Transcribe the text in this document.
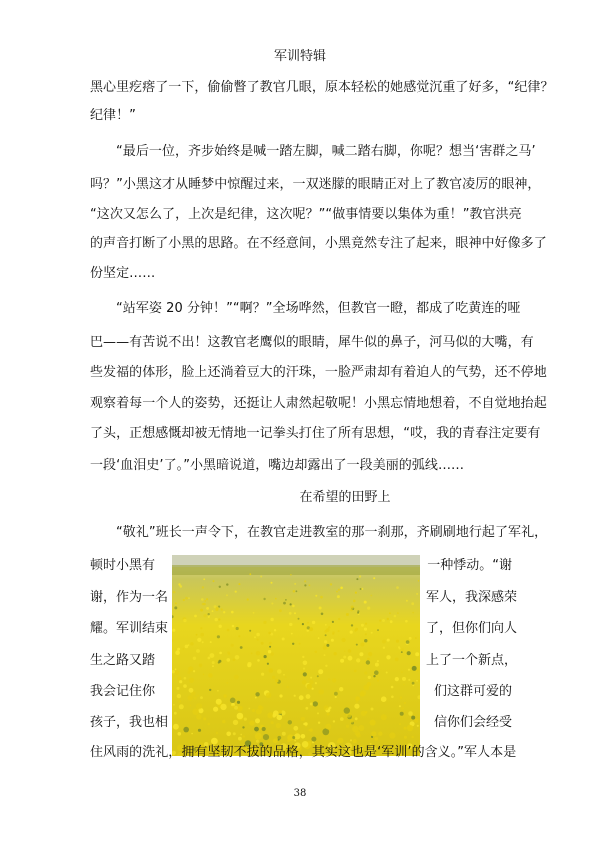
军训特辑
黑心里疙瘩了一下，偷偷瞥了教官几眼，原本轻松的她感觉沉重了好多，“纪律？
纪律！”
“最后一位，齐步始终是喊一踏左脚，喊二踏右脚，你呢？想当‘害群之马’
吗？”小黑这才从睡梦中惊醒过来，一双迷朦的眼睛正对上了教官凌厉的眼神，
“这次又怎么了，上次是纪律，这次呢？”“做事情要以集体为重！”教官洪亮
的声音打断了小黑的思路。在不经意间，小黑竟然专注了起来，眼神中好像多了
份坚定……
“站军姿 20 分钟！”“啊？”全场哗然，但教官一瞪，都成了吃黄连的哑
巴——有苦说不出！这教官老鹰似的眼睛，犀牛似的鼻子，河马似的大嘴，有
些发福的体形，脸上还淌着豆大的汗珠，一脸严肃却有着迫人的气势，还不停地
观察着每一个人的姿势，还挺让人肃然起敬呢！小黑忘情地想着，不自觉地抬起
了头，正想感慨却被无情地一记拳头打住了所有思想，“哎，我的青春注定要有
一段‘血泪史’了。”小黑暗说道，嘴边却露出了一段美丽的弧线……
在希望的田野上
“敬礼”班长一声令下，在教官走进教室的那一刹那，齐刷刷地行起了军礼，
顿时小黑有
谢，作为一名
耀。军训结束
生之路又踏
我会记住你
孩子，我也相
一种悸动。“谢
军人，我深感荣
了，但你们向人
上了一个新点，
们这群可爱的
信你们会经受
住风雨的洗礼，拥有坚韧不拔的品格，其实这也是‘军训’的含义。”军人本是
38
